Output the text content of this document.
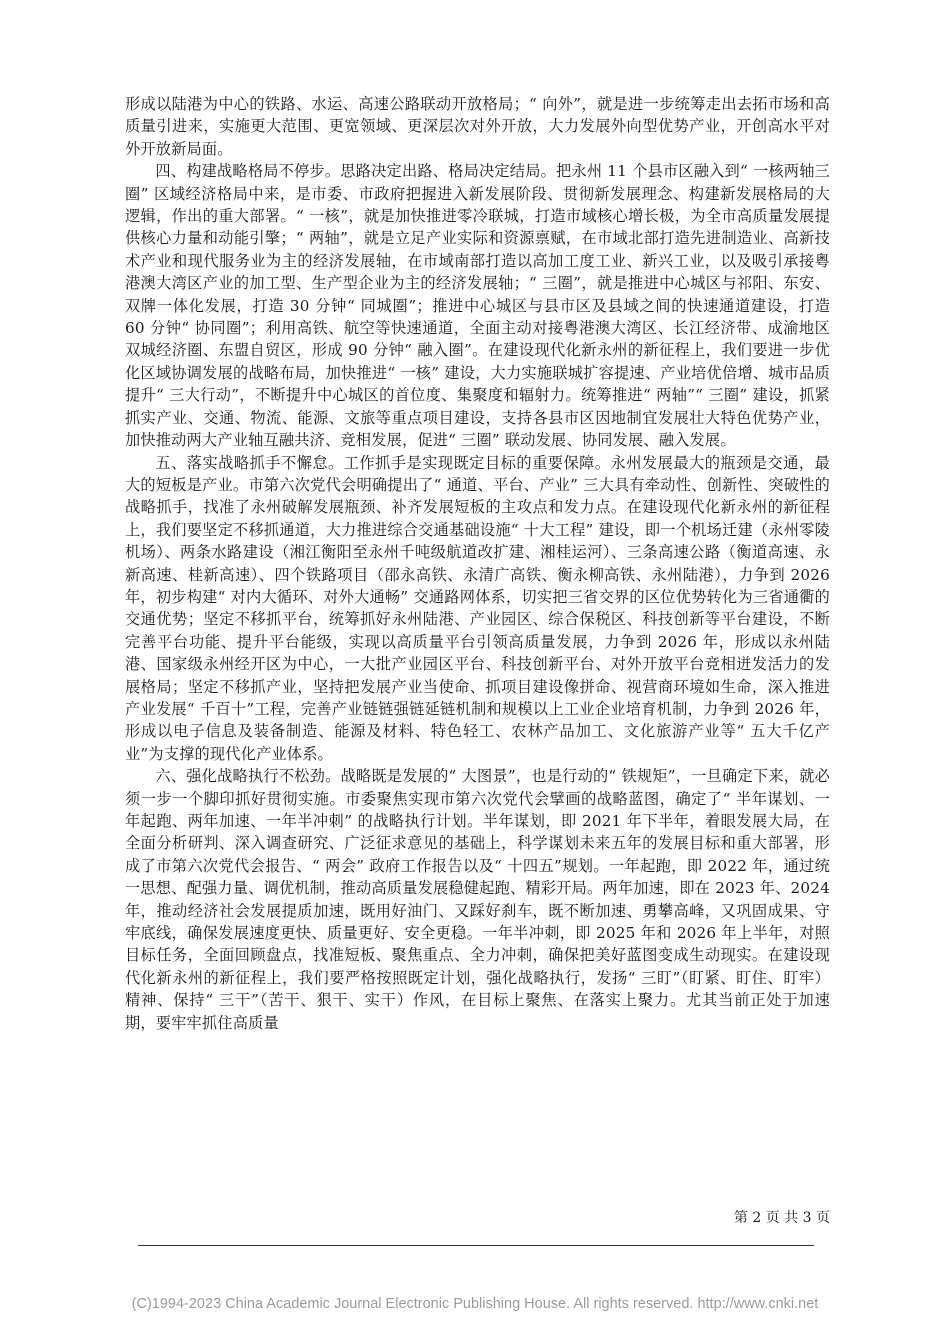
形成以陆港为中心的铁路、水运、高速公路联动开放格局；“ 向外”，就是进一步统筹走出去拓市场和高质量引进来，实施更大范围、更宽领域、更深层次对外开放，大力发展外向型优势产业，开创高水平对外开放新局面。

四、构建战略格局不停步。思路决定出路、格局决定结局。把永州 11 个县市区融入到“ 一核两轴三圈” 区域经济格局中来，是市委、市政府把握进入新发展阶段、贯彻新发展理念、构建新发展格局的大逻辑，作出的重大部署。“ 一核”，就是加快推进零冷联城，打造市域核心增长极，为全市高质量发展提供核心力量和动能引擎；“ 两轴”，就是立足产业实际和资源禀赋，在市域北部打造先进制造业、高新技术产业和现代服务业为主的经济发展轴，在市域南部打造以高加工度工业、新兴工业，以及吸引承接粤港澳大湾区产业的加工型、生产型企业为主的经济发展轴；“ 三圈”，就是推进中心城区与祁阳、东安、双牌一体化发展，打造 30 分钟“ 同城圈”；推进中心城区与县市区及县域之间的快速通道建设，打造 60 分钟“ 协同圈”；利用高铁、航空等快速通道，全面主动对接粤港澳大湾区、长江经济带、成渝地区双城经济圈、东盟自贸区，形成 90 分钟“ 融入圈”。在建设现代化新永州的新征程上，我们要进一步优化区域协调发展的战略布局，加快推进“ 一核” 建设，大力实施联城扩容提速、产业培优倍增、城市品质提升“ 三大行动”，不断提升中心城区的首位度、集聚度和辐射力。统筹推进“ 两轴”“ 三圈” 建设，抓紧抓实产业、交通、物流、能源、文旅等重点项目建设，支持各县市区因地制宜发展壮大特色优势产业，加快推动两大产业轴互融共济、竞相发展，促进“ 三圈” 联动发展、协同发展、融入发展。

五、落实战略抓手不懈怠。工作抓手是实现既定目标的重要保障。永州发展最大的瓶颈是交通，最大的短板是产业。市第六次党代会明确提出了“ 通道、平台、产业” 三大具有牵动性、创新性、突破性的战略抓手，找准了永州破解发展瓶颈、补齐发展短板的主攻点和发力点。在建设现代化新永州的新征程上，我们要坚定不移抓通道，大力推进综合交通基础设施“ 十大工程” 建设，即一个机场迁建（永州零陵机场）、两条水路建设（湘江衡阳至永州千吨级航道改扩建、湘桂运河）、三条高速公路（衡道高速、永新高速、桂新高速）、四个铁路项目（邵永高铁、永清广高铁、衡永柳高铁、永州陆港），力争到 2026 年，初步构建“ 对内大循环、对外大通畅” 交通路网体系，切实把三省交界的区位优势转化为三省通衢的交通优势；坚定不移抓平台，统筹抓好永州陆港、产业园区、综合保税区、科技创新等平台建设，不断完善平台功能、提升平台能级，实现以高质量平台引领高质量发展，力争到 2026 年，形成以永州陆港、国家级永州经开区为中心，一大批产业园区平台、科技创新平台、对外开放平台竞相迸发活力的发展格局；坚定不移抓产业，坚持把发展产业当使命、抓项目建设像拼命、视营商环境如生命，深入推进产业发展“ 千百十”工程，完善产业链链强链延链机制和规模以上工业企业培育机制，力争到 2026 年，形成以电子信息及装备制造、能源及材料、特色轻工、农林产品加工、文化旅游产业等“ 五大千亿产业”为支撑的现代化产业体系。

六、强化战略执行不松劲。战略既是发展的“ 大图景”，也是行动的“ 铁规矩”，一旦确定下来，就必须一步一个脚印抓好贯彻实施。市委聚焦实现市第六次党代会擘画的战略蓝图，确定了“ 半年谋划、一年起跑、两年加速、一年半冲刺” 的战略执行计划。半年谋划，即 2021 年下半年，着眼发展大局，在全面分析研判、深入调查研究、广泛征求意见的基础上，科学谋划未来五年的发展目标和重大部署，形成了市第六次党代会报告、“ 两会” 政府工作报告以及“ 十四五”规划。一年起跑，即 2022 年，通过统一思想、配强力量、调优机制，推动高质量发展稳健起跑、精彩开局。两年加速，即在 2023 年、2024 年，推动经济社会发展提质加速，既用好油门、又踩好刹车，既不断加速、勇攀高峰，又巩固成果、守牢底线，确保发展速度更快、质量更好、安全更稳。一年半冲刺，即 2025 年和 2026 年上半年，对照目标任务，全面回顾盘点，找准短板、聚焦重点、全力冲刺，确保把美好蓝图变成生动现实。在建设现代化新永州的新征程上，我们要严格按照既定计划，强化战略执行，发扬“ 三盯”（盯紧、盯住、盯牢）精神、保持“ 三干”（苦干、狠干、实干）作风，在目标上聚焦、在落实上聚力。尤其当前正处于加速期，要牢牢抓住高质量

第 2 页 共 3 页
(C)1994-2023 China Academic Journal Electronic Publishing House. All rights reserved. http://www.cnki.net
